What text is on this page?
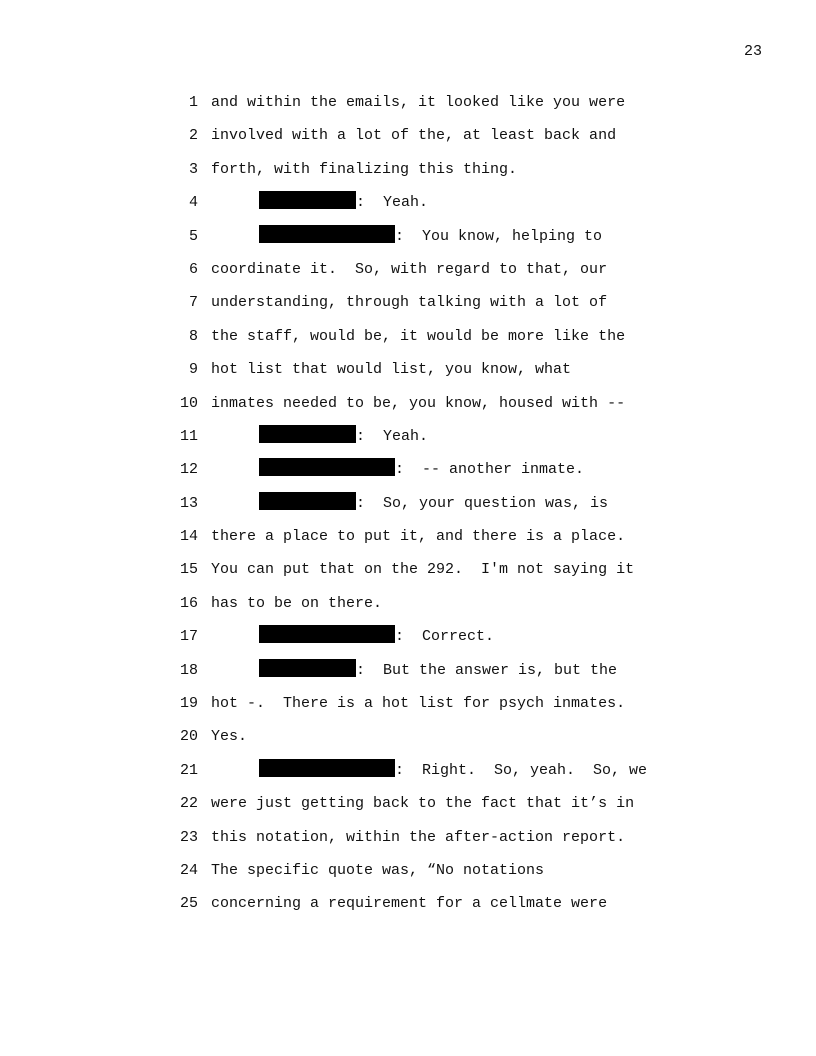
23
1 and within the emails, it looked like you were
2 involved with a lot of the, at least back and
3 forth, with finalizing this thing.
4	:  Yeah.
5	:  You know, helping to
6 coordinate it.  So, with regard to that, our
7 understanding, through talking with a lot of
8 the staff, would be, it would be more like the
9 hot list that would list, you know, what
10 inmates needed to be, you know, housed with --
11	:  Yeah.
12	:  -- another inmate.
13	:  So, your question was, is
14 there a place to put it, and there is a place.
15 You can put that on the 292.  I'm not saying it
16 has to be on there.
17	:  Correct.
18	:  But the answer is, but the
19 hot -.  There is a hot list for psych inmates.
20 Yes.
21	:  Right.  So, yeah.  So, we
22 were just getting back to the fact that it’s in
23 this notation, within the after-action report.
24 The specific quote was, “No notations
25 concerning a requirement for a cellmate were
